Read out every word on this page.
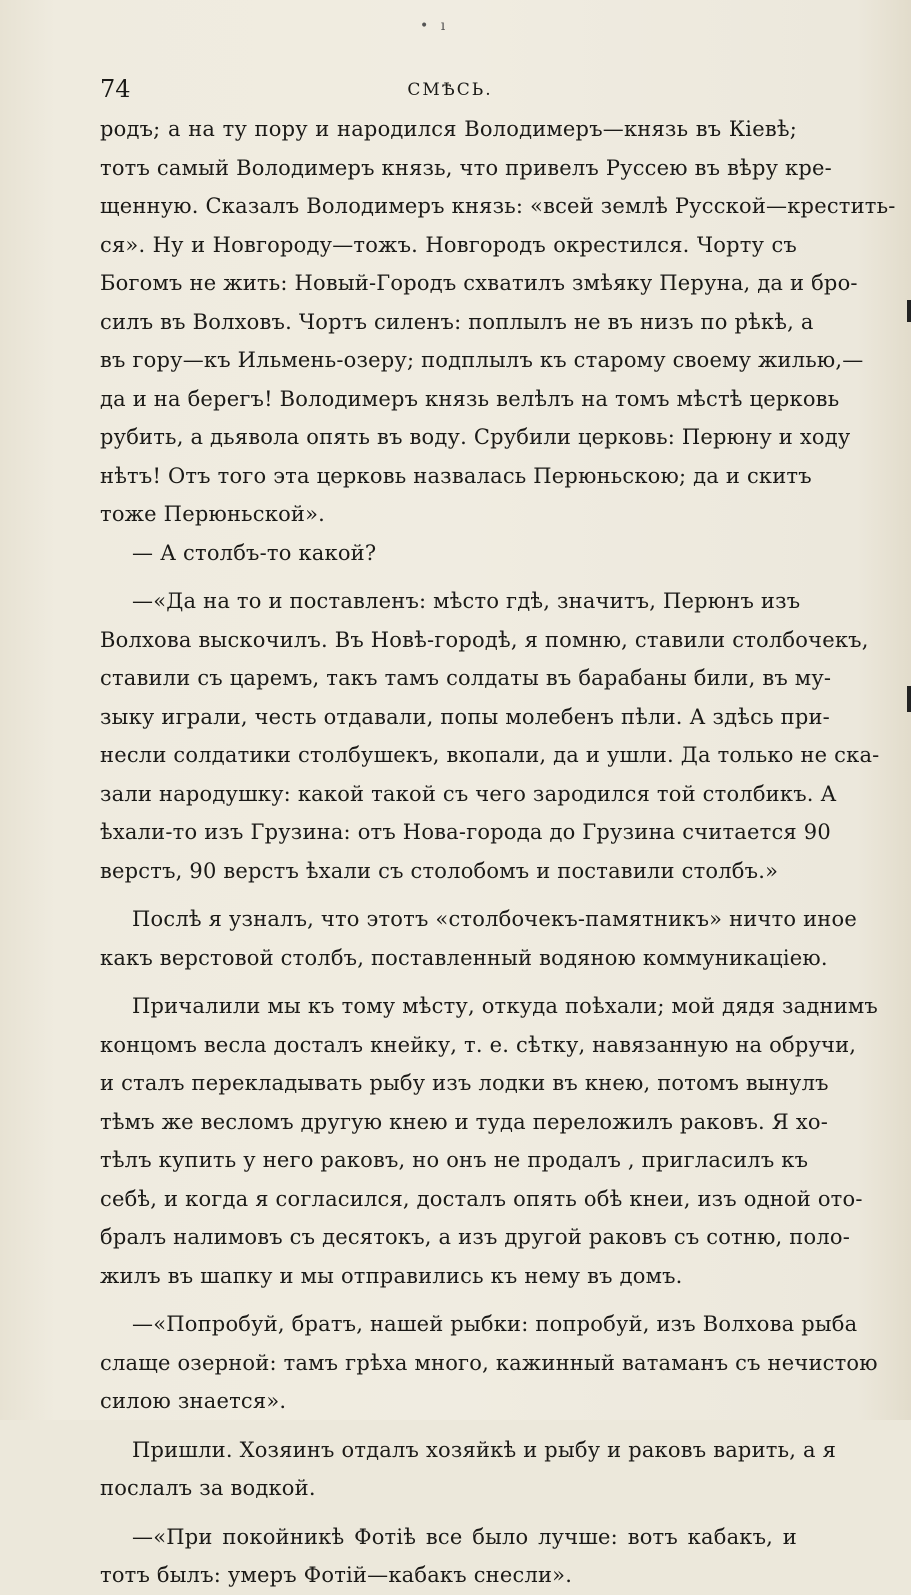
• ı
74	СМѢСЬ.
родъ; а на ту пору и народился Володимеръ—князь въ Кіевѣ;
тотъ самый Володимеръ князь, что привелъ Руссею въ вѣру кре-
щенную. Сказалъ Володимеръ князь: «всей землѣ Русской—крестить-
ся». Ну и Новгороду—тожъ. Новгородъ окрестился. Чорту съ
Богомъ не жить: Новый-Городъ схватилъ змѣяку Перуна, да и бро-
силъ въ Волховъ. Чортъ силенъ: поплылъ не въ низъ по рѣкѣ, а
въ гору—къ Ильмень-озеру; подплылъ къ старому своему жилью,—
да и на берегъ! Володимеръ князь велѣлъ на томъ мѣстѣ церковь
рубить, а дьявола опять въ воду. Срубили церковь: Перюну и ходу
нѣтъ! Отъ того эта церковь назвалась Перюньскою; да и скитъ
тоже Перюньской».
— А столбъ-то какой?
—«Да на то и поставленъ: мѣсто гдѣ, значитъ, Перюнъ изъ
Волхова выскочилъ. Въ Новѣ-городѣ, я помню, ставили столбочекъ,
ставили съ царемъ, такъ тамъ солдаты въ барабаны били, въ му-
зыку играли, честь отдавали, попы молебенъ пѣли. А здѣсь при-
несли солдатики столбушекъ, вкопали, да и ушли. Да только не ска-
зали народушку: какой такой съ чего зародился той столбикъ. А
ѣхали-то изъ Грузина: отъ Нова-города до Грузина считается 90
верстъ, 90 верстъ ѣхали съ столобомъ и поставили столбъ.»
Послѣ я узналъ, что этотъ «столбочекъ-памятникъ» ничто иное
какъ верстовой столбъ, поставленный водяною коммуникаціею.
Причалили мы къ тому мѣсту, откуда поѣхали; мой дядя заднимъ
концомъ весла досталъ кнейку, т. е. сѣтку, навязанную на обручи,
и сталъ перекладывать рыбу изъ лодки въ кнею, потомъ вынулъ
тѣмъ же весломъ другую кнею и туда переложилъ раковъ. Я хо-
тѣлъ купить у него раковъ, но онъ не продалъ , пригласилъ къ
себѣ, и когда я согласился, досталъ опять обѣ кнеи, изъ одной ото-
бралъ налимовъ съ десятокъ, а изъ другой раковъ съ сотню, поло-
жилъ въ шапку и мы отправились къ нему въ домъ.
—«Попробуй, братъ, нашей рыбки: попробуй, изъ Волхова рыба
слаще озерной: тамъ грѣха много, кажинный ватаманъ съ нечистою
силою знается».
Пришли. Хозяинъ отдалъ хозяйкѣ и рыбу и раковъ варить, а я
послалъ за водкой.
—«При покойникѣ Фотіѣ все было лучше: вотъ кабакъ, и
тотъ былъ: умеръ Фотій—кабакъ снесли».
